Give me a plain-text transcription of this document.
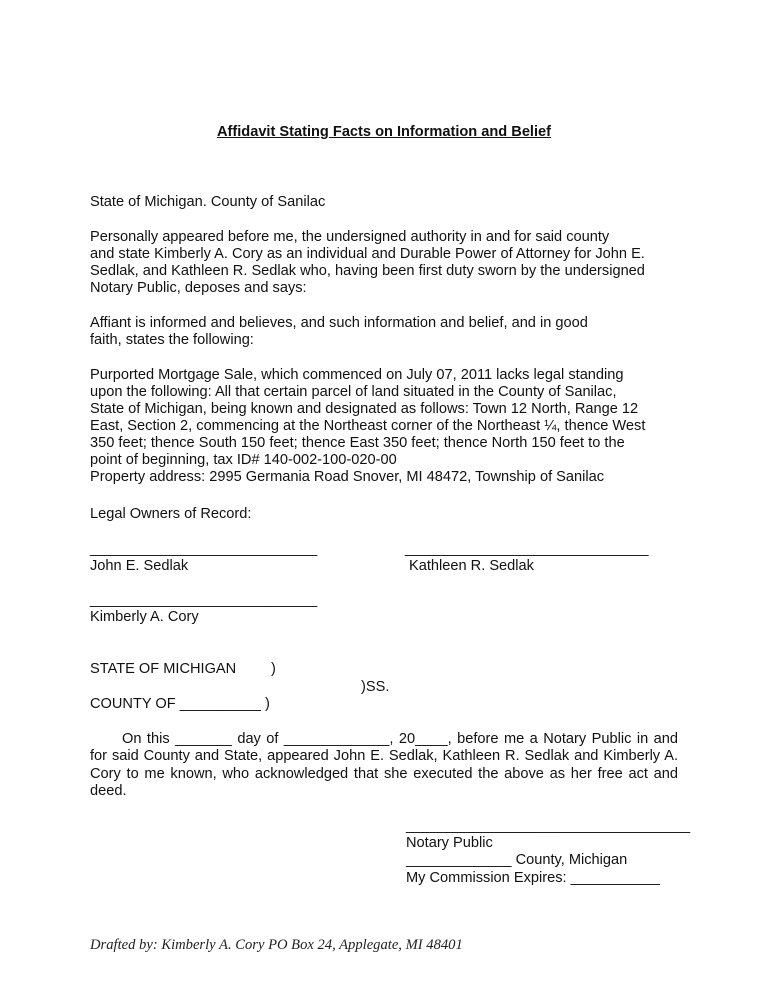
Affidavit Stating Facts on Information and Belief
State of Michigan. County of Sanilac
Personally appeared before me, the undersigned authority in and for said county
and state Kimberly A. Cory as an individual and Durable Power of Attorney for John E.
Sedlak, and Kathleen R. Sedlak who, having been first duty sworn by the undersigned
Notary Public, deposes and says:
Affiant is informed and believes, and such information and belief, and in good
faith, states the following:
Purported Mortgage Sale, which commenced on July 07, 2011 lacks legal standing
upon the following: All that certain parcel of land situated in the County of Sanilac,
State of Michigan, being known and designated as follows: Town 12 North, Range 12
East, Section 2, commencing at the Northeast corner of the Northeast ¼, thence West
350 feet; thence South 150 feet; thence East 350 feet; thence North 150 feet to the
point of beginning, tax ID# 140-002-100-020-00
Property address: 2995 Germania Road Snover, MI 48472, Township of Sanilac
Legal Owners of Record:
____________________________	______________________________
John E. Sedlak	Kathleen R. Sedlak
____________________________
Kimberly A. Cory
STATE OF MICHIGAN )
)SS.
COUNTY OF __________ )
On this _______ day of _____________, 20____, before me a Notary Public in and for said County and State, appeared John E. Sedlak, Kathleen R. Sedlak and Kimberly A. Cory to me known, who acknowledged that she executed the above as her free act and deed.
___________________________________
Notary Public
_____________ County, Michigan
My Commission Expires: ___________
Drafted by: Kimberly A. Cory PO Box 24, Applegate, MI 48401
